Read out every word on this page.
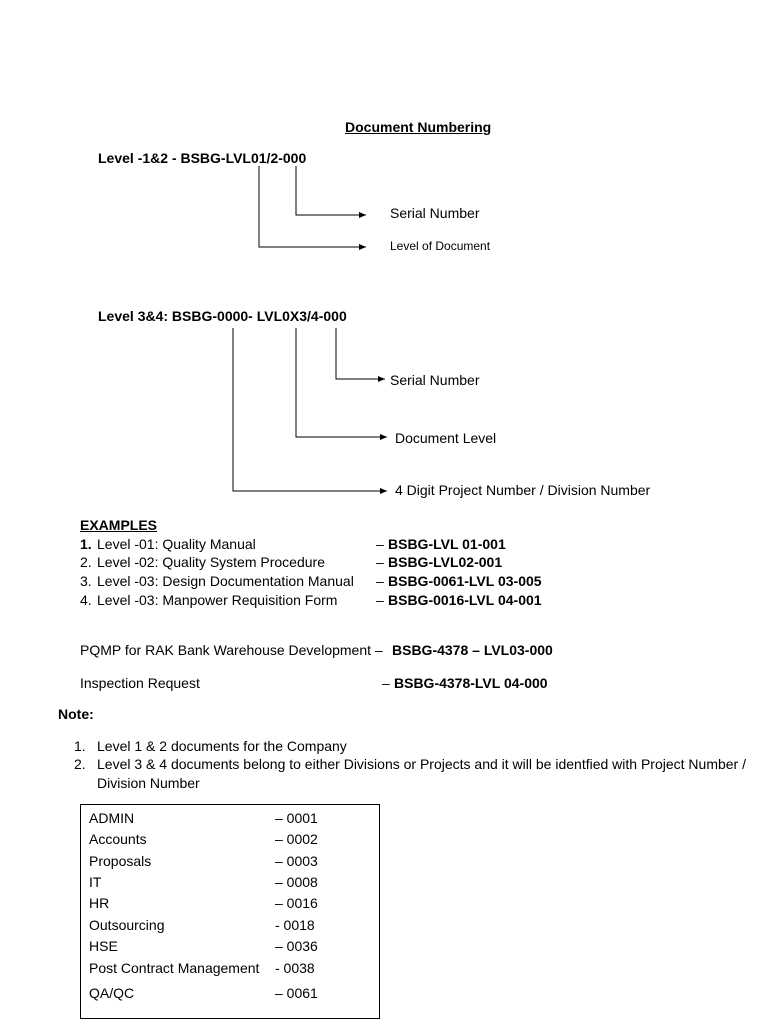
Document Numbering
Level -1&2 - BSBG-LVL01/2-000
Serial Number
Level of Document
Level 3&4: BSBG-0000- LVL0X3/4-000
Serial Number
Document Level
4 Digit Project Number / Division Number
EXAMPLES
1. Level -01: Quality Manual	– BSBG-LVL 01-001
2. Level -02: Quality System Procedure	– BSBG-LVL02-001
3. Level -03: Design Documentation Manual – BSBG-0061-LVL 03-005
4. Level -03: Manpower Requisition Form	– BSBG-0016-LVL 04-001
PQMP for RAK Bank Warehouse Development – BSBG-4378 – LVL03-000
Inspection Request	– BSBG-4378-LVL 04-000
Note:
1. Level 1 & 2 documents for the Company
2. Level 3 & 4 documents belong to either Divisions or Projects and it will be identfied with Project Number /
Division Number
ADMIN	– 0001
Accounts	– 0002
Proposals	– 0003
IT	– 0008
HR	– 0016
Outsourcing	- 0018
HSE	– 0036
Post Contract Management - 0038
QA/QC	– 0061
